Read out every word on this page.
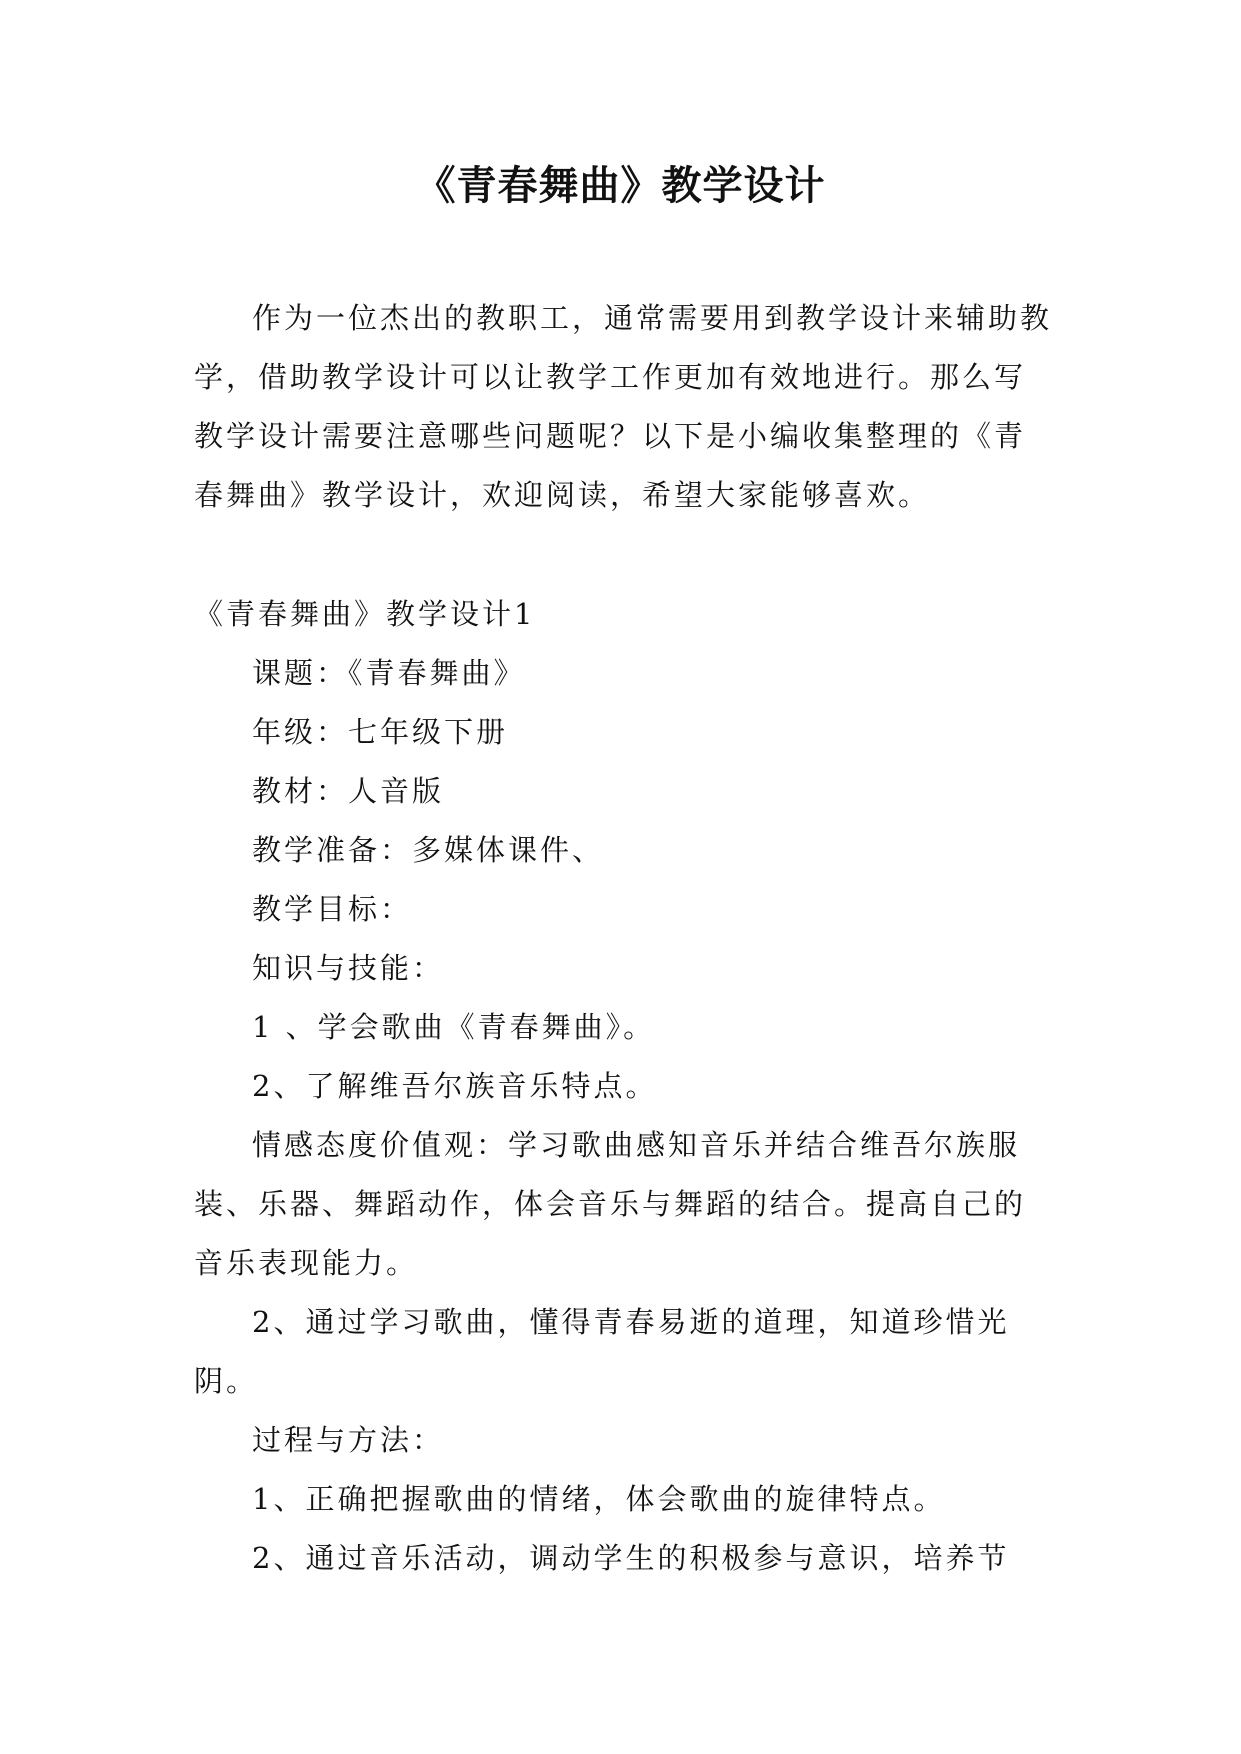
《青春舞曲》教学设计

作为一位杰出的教职工，通常需要用到教学设计来辅助教学，借助教学设计可以让教学工作更加有效地进行。那么写教学设计需要注意哪些问题呢？以下是小编收集整理的《青春舞曲》教学设计，欢迎阅读，希望大家能够喜欢。

《青春舞曲》教学设计1

课题：《青春舞曲》

年级：七年级下册

教材：人音版

教学准备：多媒体课件、

教学目标：

知识与技能：

1 、学会歌曲《青春舞曲》。

2、了解维吾尔族音乐特点。

情感态度价值观：学习歌曲感知音乐并结合维吾尔族服装、乐器、舞蹈动作，体会音乐与舞蹈的结合。提高自己的音乐表现能力。

2、通过学习歌曲，懂得青春易逝的道理，知道珍惜光阴。

过程与方法：

1、正确把握歌曲的情绪，体会歌曲的旋律特点。

2、通过音乐活动，调动学生的积极参与意识，培养节
